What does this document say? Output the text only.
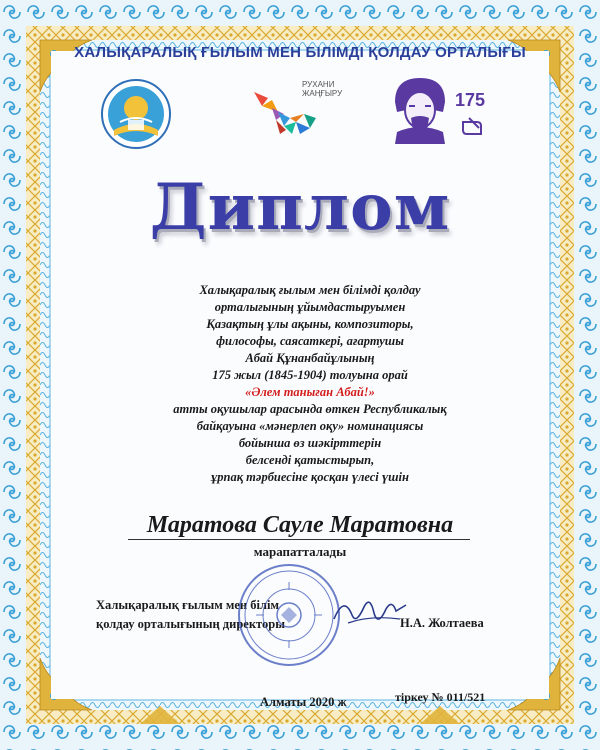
ХАЛЫҚАРАЛЫҚ ҒЫЛЫМ МЕН БІЛІМДІ ҚОЛДАУ ОРТАЛЫҒЫ
РУХАНИ
ЖАҢҒЫРУ	175
Диплом
Халықаралық ғылым мен білімді қолдау
орталығының ұйымдастыруымен
Қазақтың ұлы ақыны, композиторы,
философы, саясаткері, ағартушы
Абай Құнанбайұлының
175 жыл (1845-1904) толуына орай
«Әлем таныған Абай!»
атты оқушылар арасында өткен Республикалық
байқауына «мәнерлеп оқу» номинациясы
бойынша өз шәкірттерін
белсенді қатыстырып,
ұрпақ тәрбиесіне қосқан үлесі үшін
Маратова Сауле Маратовна
марапатталады
Халықаралық ғылым мен білім
қолдау орталығының директоры	Н.А. Жолтаева
Алматы 2020 ж	тіркеу № 011/521
